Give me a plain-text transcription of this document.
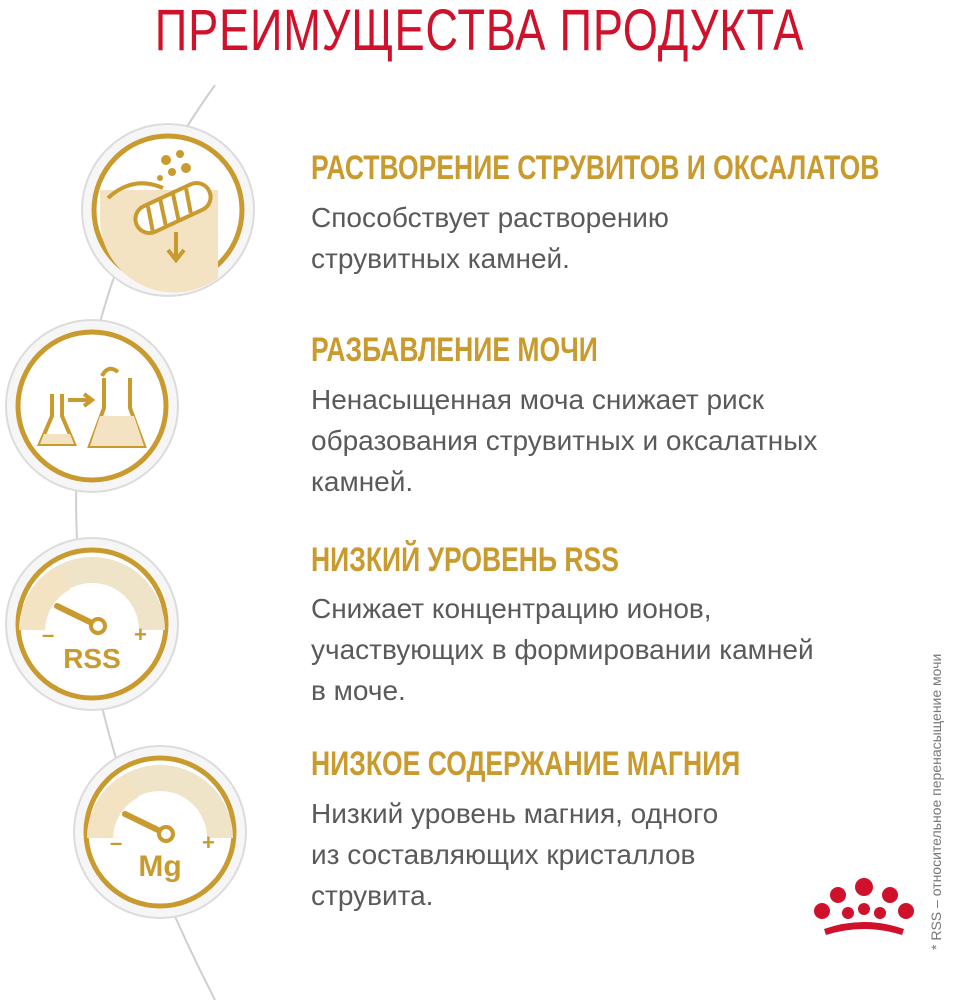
ПРЕИМУЩЕСТВА ПРОДУКТА
РАСТВОРЕНИЕ СТРУВИТОВ И ОКСАЛАТОВ
Способствует растворению
струвитных камней.
РАЗБАВЛЕНИЕ МОЧИ
Ненасыщенная моча снижает риск
образования струвитных и оксалатных
камней.
–	+
RSS
НИЗКИЙ УРОВЕНЬ RSS
Снижает концентрацию ионов,
участвующих в формировании камней
в моче.
–	+
Mg
НИЗКОЕ СОДЕРЖАНИЕ МАГНИЯ
Низкий уровень магния, одного
из составляющих кристаллов
струвита.	* RSS – относительное перенасыщение мочи
